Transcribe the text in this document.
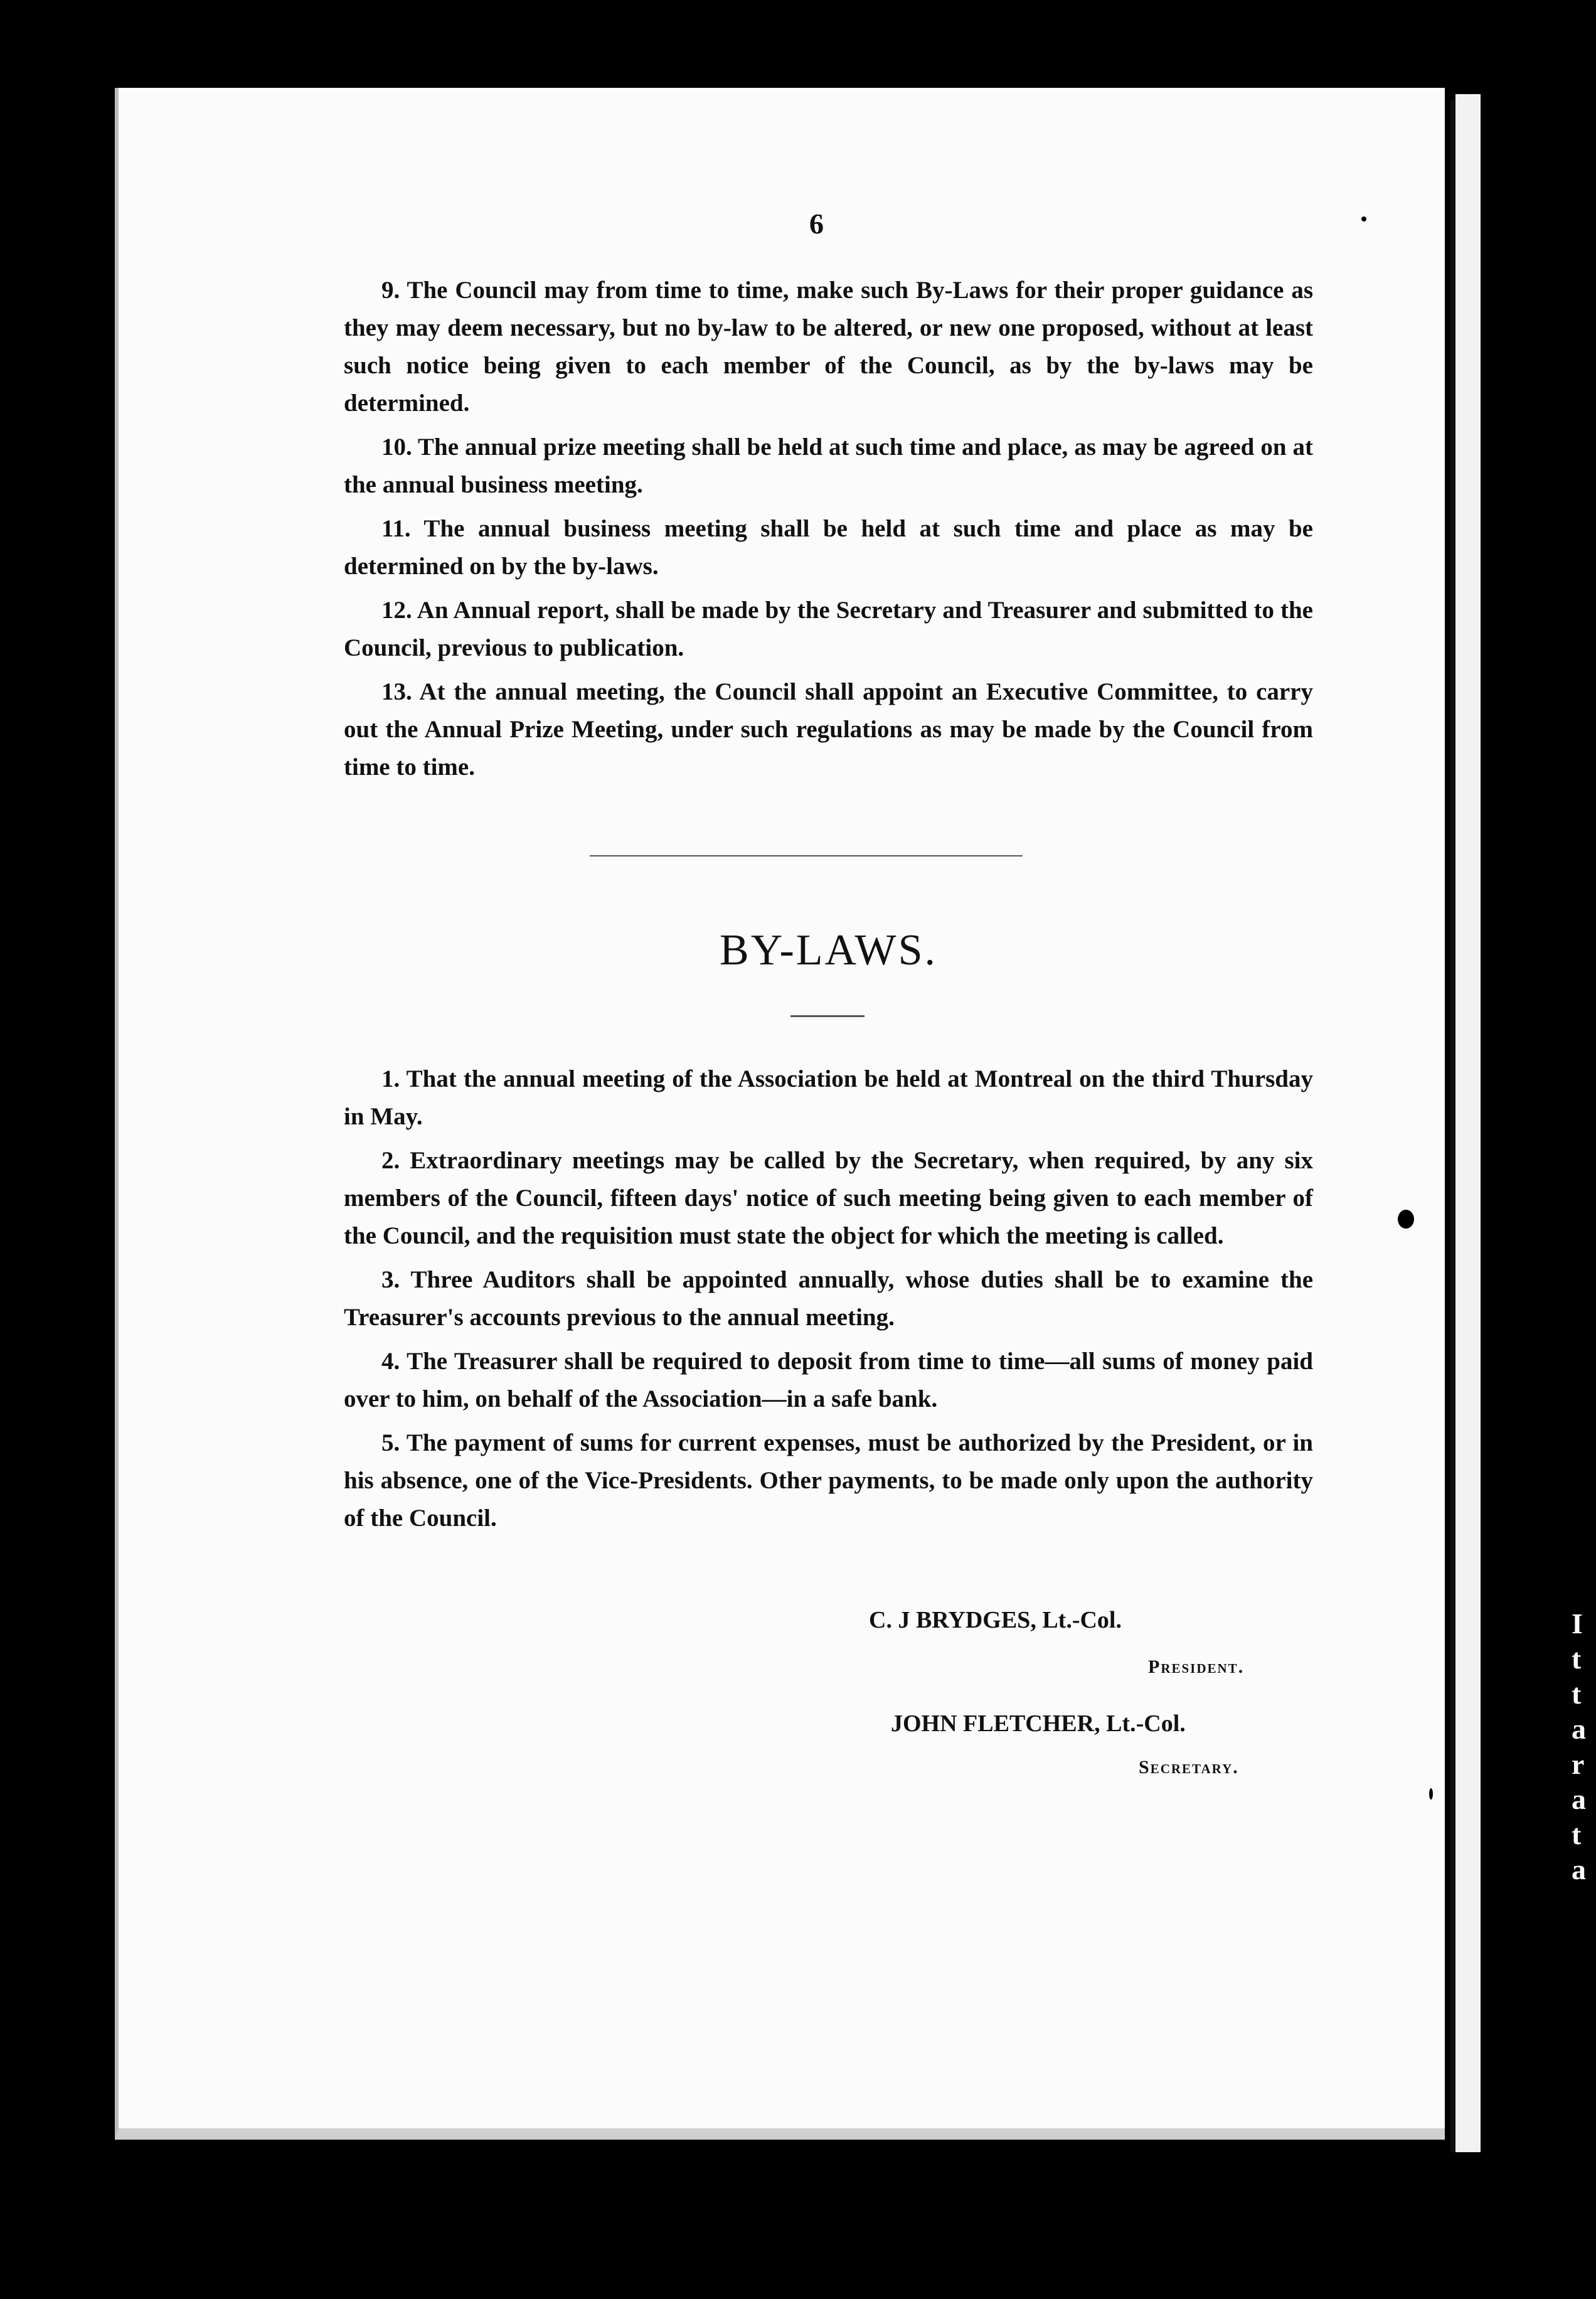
I
t
t
a
r
a
t
a
6

9. The Council may from time to time, make such By-Laws for their proper guidance as they may deem necessary, but no by-law to be altered, or new one proposed, without at least such notice being given to each member of the Council, as by the by-laws may be determined.

10. The annual prize meeting shall be held at such time and place, as may be agreed on at the annual business meeting.

11. The annual business meeting shall be held at such time and place as may be determined on by the by-laws.

12. An Annual report, shall be made by the Secretary and Treasurer and submitted to the Council, previous to publication.

13. At the annual meeting, the Council shall appoint an Executive Committee, to carry out the Annual Prize Meeting, under such regulations as may be made by the Council from time to time.

BY-LAWS.

1. That the annual meeting of the Association be held at Montreal on the third Thursday in May.

2. Extraordinary meetings may be called by the Secretary, when required, by any six members of the Council, fifteen days' notice of such meeting being given to each member of the Council, and the requisition must state the object for which the meeting is called.

3. Three Auditors shall be appointed annually, whose duties shall be to examine the Treasurer's accounts previous to the annual meeting.

4. The Treasurer shall be required to deposit from time to time—all sums of money paid over to him, on behalf of the Association—in a safe bank.

5. The payment of sums for current expenses, must be authorized by the President, or in his absence, one of the Vice-Presidents. Other payments, to be made only upon the authority of the Council.

C. J BRYDGES, Lt.-Col.
President.
JOHN FLETCHER, Lt.-Col.
Secretary.
